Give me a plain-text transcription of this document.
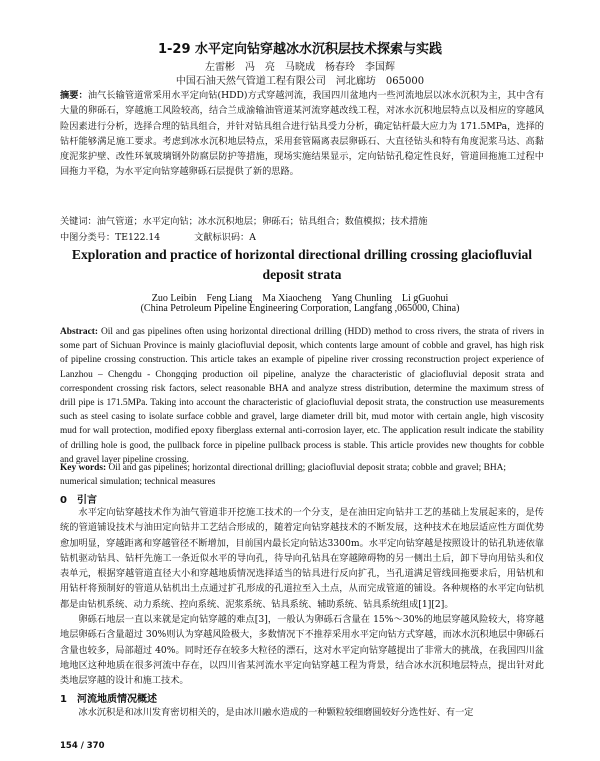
1-29 水平定向钻穿越冰水沉积层技术探索与实践
左雷彬　冯　亮　马晓成　杨春玲　李国辉
中国石油天然气管道工程有限公司　河北廊坊　065000
摘要：油气长输管道常采用水平定向钻(HDD)方式穿越河流，我国四川盆地内一些河流地层以冰水沉积为主，其中含有大量的卵砾石，穿越施工风险较高，结合兰成渝输油管道某河流穿越改线工程，对冰水沉积地层特点以及相应的穿越风险因素进行分析，选择合理的钻具组合，并针对钻具组合进行钻具受力分析，确定钻杆最大应力为 171.5MPa，选择的钻杆能够满足施工要求。考虑到冰水沉积地层特点，采用套管隔离表层卵砾石、大直径钻头和特有角度泥浆马达、高黏度泥浆护壁、改性环氧玻璃钢外防腐层防护等措施，现场实施结果显示，定向钻钻孔稳定性良好，管道回拖施工过程中回拖力平稳，为水平定向钻穿越卵砾石层提供了新的思路。
关键词：油气管道；水平定向钻；冰水沉积地层；卵砾石；钻具组合；数值模拟；技术措施
中图分类号：TE122.14	文献标识码：A
Exploration and practice of horizontal directional drilling crossing glaciofluvial deposit strata
Zuo Leibin　Feng Liang　Ma Xiaocheng　Yang Chunling　Li gGuohui
(China Petroleum Pipeline Engineering Corporation, Langfang ,065000, China)
Abstract: Oil and gas pipelines often using horizontal directional drilling (HDD) method to cross rivers, the strata of rivers in some part of Sichuan Province is mainly glaciofluvial deposit, which contents large amount of cobble and gravel, has high risk of pipeline crossing construction. This article takes an example of pipeline river crossing reconstruction project experience of Lanzhou – Chengdu - Chongqing production oil pipeline, analyze the characteristic of glaciofluvial deposit strata and correspondent crossing risk factors, select reasonable BHA and analyze stress distribution, determine the maximum stress of drill pipe is 171.5MPa. Taking into account the characteristic of glaciofluvial deposit strata, the construction use measurements such as steel casing to isolate surface cobble and gravel, large diameter drill bit, mud motor with certain angle, high viscosity mud for wall protection, modified epoxy fiberglass external anti-corrosion layer, etc. The application result indicate the stability of drilling hole is good, the pullback force in pipeline pullback process is stable. This article provides new thoughts for cobble and gravel layer pipeline crossing.
Key words: Oil and gas pipelines; horizontal directional drilling; glaciofluvial deposit strata; cobble and gravel; BHA; numerical simulation; technical measures
0　引言

水平定向钻穿越技术作为油气管道非开挖施工技术的一个分支，是在油田定向钻井工艺的基础上发展起来的，是传统的管道铺设技术与油田定向钻井工艺结合形成的，随着定向钻穿越技术的不断发展，这种技术在地层适应性方面优势愈加明显，穿越距离和穿越管径不断增加，目前国内最长定向钻达3300m。水平定向钻穿越是按照设计的钻孔轨迹依靠钻机驱动钻具、钻杆先施工一条近似水平的导向孔，待导向孔钻具在穿越障碍物的另一侧出土后，卸下导向用钻头和仪表单元，根据穿越管道直径大小和穿越地质情况选择适当的钻具进行反向扩孔，当孔道满足管线回拖要求后，用钻机和用钻杆将预制好的管道从钻机出土点通过扩孔形成的孔道拉至入土点，从而完成管道的铺设。各种规格的水平定向钻机都是由钻机系统、动力系统、控向系统、泥浆系统、钻具系统、辅助系统、钻具系统组成[1][2]。

卵砾石地层一直以来就是定向钻穿越的难点[3]，一般认为卵砾石含量在 15%～30%的地层穿越风险较大，将穿越地层卵砾石含量超过 30%则认为穿越风险极大，多数情况下不推荐采用水平定向钻方式穿越，而冰水沉积地层中卵砾石含量也较多，局部超过 40%。同时还存在较多大粒径的漂石，这对水平定向钻穿越提出了非常大的挑战，在我国四川盆地地区这种地质在很多河流中存在，以四川省某河流水平定向钻穿越工程为背景，结合冰水沉积地层特点，提出针对此类地层穿越的设计和施工技术。

1　河流地质情况概述
冰水沉积是和冰川发育密切相关的，是由冰川融水造成的一种颗粒较细磨圆较好分选性好、有一定
154 / 370
